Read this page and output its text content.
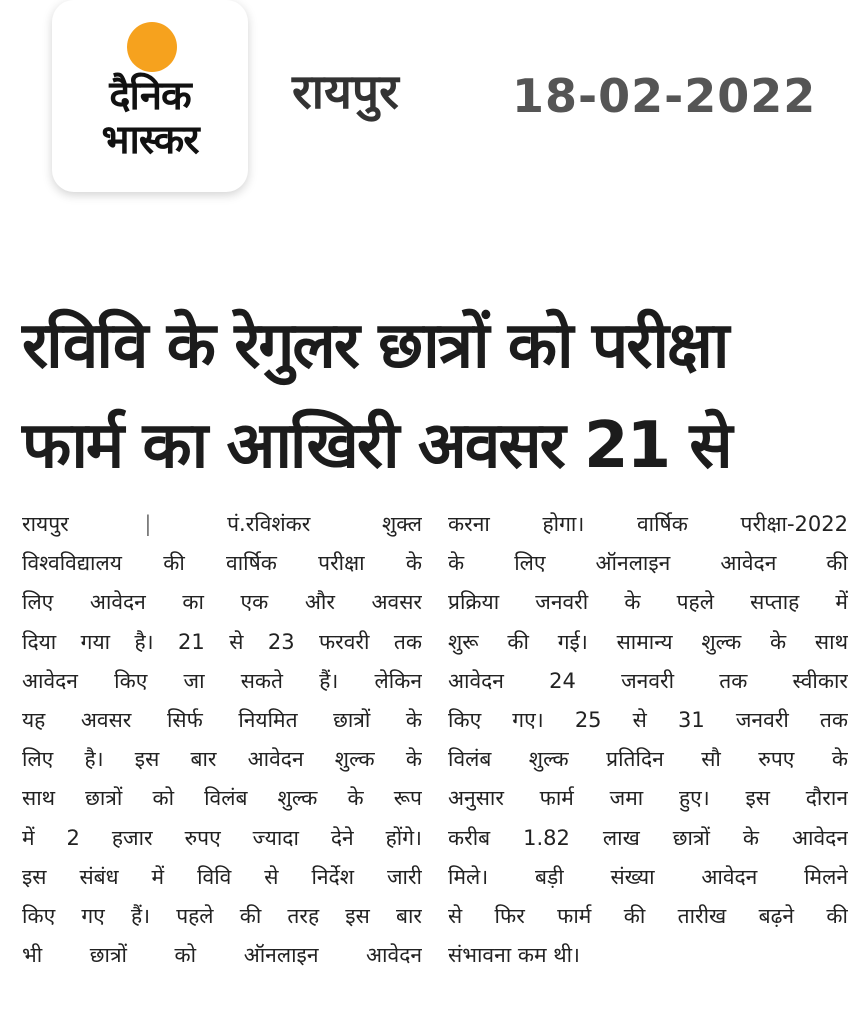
दैनिक
भास्कर
रायपुर 18-02-2022
रविवि के रेगुलर छात्रों को परीक्षा
फार्म का आखिरी अवसर 21 से
रायपुर	|	पं.रविशंकर शुक्ल
विश्वविद्यालय की वार्षिक परीक्षा के
लिए आवेदन का एक और अवसर
दिया गया है। 21 से 23 फरवरी तक
आवेदन किए जा सकते हैं। लेकिन
यह अवसर सिर्फ नियमित छात्रों के
लिए है। इस बार आवेदन शुल्क के
साथ छात्रों को विलंब शुल्क के रूप
में 2 हजार रुपए ज्यादा देने होंगे।
इस संबंध में विवि से निर्देश जारी
किए गए हैं। पहले की तरह इस बार
भी छात्रों को ऑनलाइन आवेदन
करना होगा। वार्षिक परीक्षा-2022
के लिए ऑनलाइन आवेदन की
प्रक्रिया जनवरी के पहले सप्ताह में
शुरू की गई। सामान्य शुल्क के साथ
आवेदन 24 जनवरी तक स्वीकार
किए गए। 25 से 31 जनवरी तक
विलंब शुल्क प्रतिदिन सौ रुपए के
अनुसार फार्म जमा हुए। इस दौरान
करीब 1.82 लाख छात्रों के आवेदन
मिले। बड़ी संख्या आवेदन मिलने
से फिर फार्म की तारीख बढ़ने की
संभावना कम थी।
